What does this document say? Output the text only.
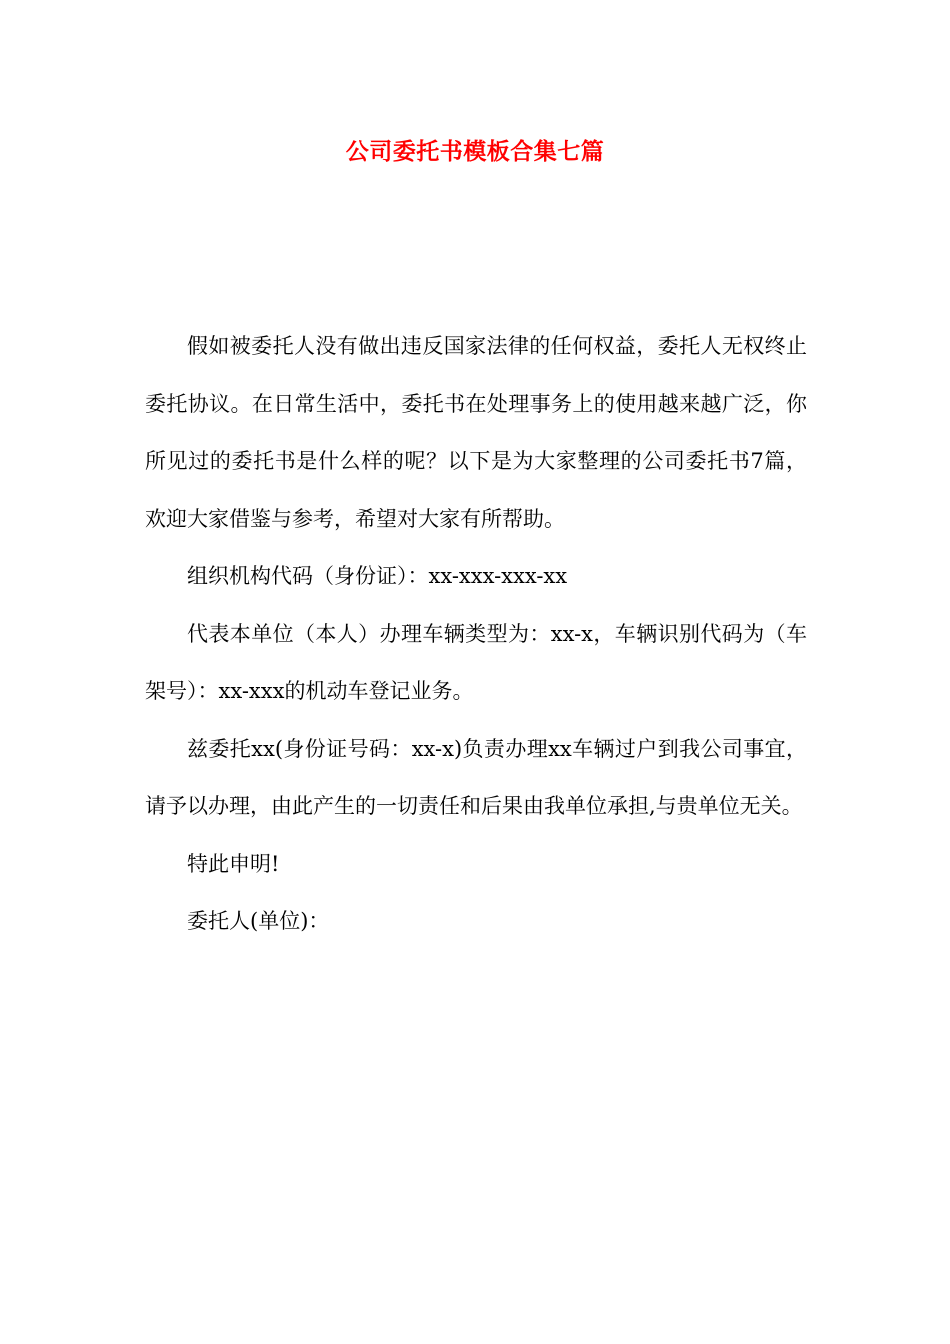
公司委托书模板合集七篇

假如被委托人没有做出违反国家法律的任何权益，委托人无权终止委托协议。在日常生活中，委托书在处理事务上的使用越来越广泛，你所见过的委托书是什么样的呢？以下是为大家整理的公司委托书7篇，欢迎大家借鉴与参考，希望对大家有所帮助。

组织机构代码（身份证）：xx-xxx-xxx-xx

代表本单位（本人）办理车辆类型为：xx-x，车辆识别代码为（车架号）：xx-xxx的机动车登记业务。

兹委托xx(身份证号码：xx-x)负责办理xx车辆过户到我公司事宜，请予以办理，由此产生的一切责任和后果由我单位承担,与贵单位无关。

特此申明!

委托人(单位)：
